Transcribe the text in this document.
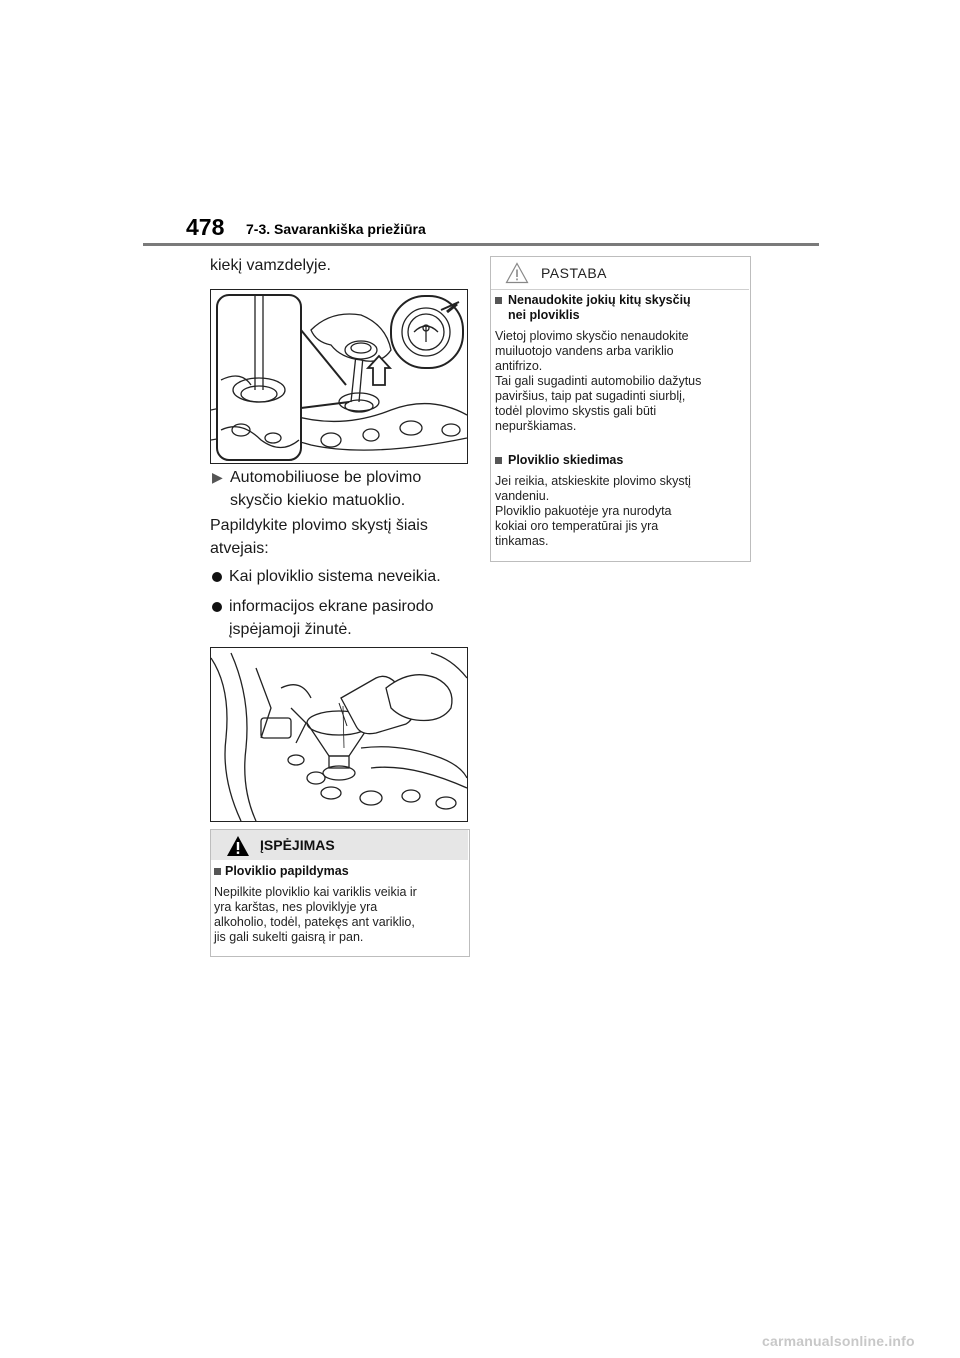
478 7-3. Savarankiška priežiūra
kiekį vamzdelyje.
▶ Automobiliuose be plovimo
skysčio kiekio matuoklio.
Papildykite plovimo skystį šiais
atvejais:
Kai ploviklio sistema neveikia.
informacijos ekrane pasirodo
įspėjamoji žinutė.
ĮSPĖJIMAS
Ploviklio papildymas
Nepilkite ploviklio kai variklis veikia ir
yra karštas, nes ploviklyje yra
alkoholio, todėl, patekęs ant variklio,
jis gali sukelti gaisrą ir pan.
PASTABA
Nenaudokite jokių kitų skysčių
nei ploviklis
Vietoj plovimo skysčio nenaudokite
muiluotojo vandens arba variklio
antifrizo.
Tai gali sugadinti automobilio dažytus
paviršius, taip pat sugadinti siurblį,
todėl plovimo skystis gali būti
nepurškiamas.
Ploviklio skiedimas
Jei reikia, atskieskite plovimo skystį
vandeniu.
Ploviklio pakuotėje yra nurodyta
kokiai oro temperatūrai jis yra
tinkamas.
carmanualsonline.info
